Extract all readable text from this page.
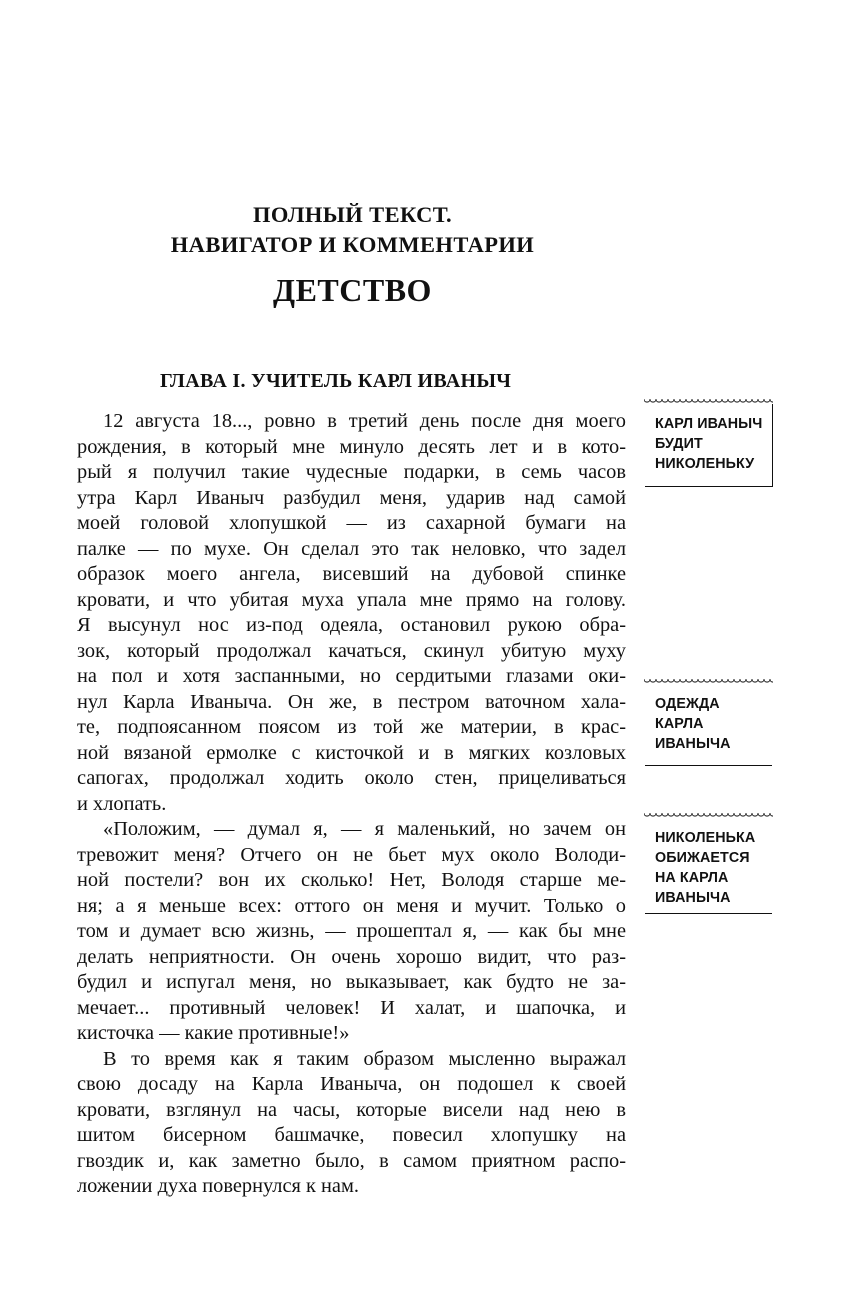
ПОЛНЫЙ ТЕКСТ.
НАВИГАТОР И КОММЕНТАРИИ
ДЕТСТВО
ГЛАВА I. УЧИТЕЛЬ КАРЛ ИВАНЫЧ
12 августа 18..., ровно в третий день после дня моего
рождения, в который мне минуло десять лет и в кото-
рый я получил такие чудесные подарки, в семь часов
утра Карл Иваныч разбудил меня, ударив над самой
моей головой хлопушкой — из сахарной бумаги на
палке — по мухе. Он сделал это так неловко, что задел
образок моего ангела, висевший на дубовой спинке
кровати, и что убитая муха упала мне прямо на голову.
Я высунул нос из-под одеяла, остановил рукою обра-
зок, который продолжал качаться, скинул убитую муху
на пол и хотя заспанными, но сердитыми глазами оки-
нул Карла Иваныча. Он же, в пестром ваточном хала-
те, подпоясанном поясом из той же материи, в крас-
ной вязаной ермолке с кисточкой и в мягких козловых
сапогах, продолжал ходить около стен, прицеливаться
и хлопать.
«Положим, — думал я, — я маленький, но зачем он
тревожит меня? Отчего он не бьет мух около Володи-
ной постели? вон их сколько! Нет, Володя старше ме-
ня; а я меньше всех: оттого он меня и мучит. Только о
том и думает всю жизнь, — прошептал я, — как бы мне
делать неприятности. Он очень хорошо видит, что раз-
будил и испугал меня, но выказывает, как будто не за-
мечает... противный человек! И халат, и шапочка, и
кисточка — какие противные!»
В то время как я таким образом мысленно выражал
свою досаду на Карла Иваныча, он подошел к своей
кровати, взглянул на часы, которые висели над нею в
шитом бисерном башмачке, повесил хлопушку на
гвоздик и, как заметно было, в самом приятном распо-
ложении духа повернулся к нам.
КАРЛ ИВАНЫЧ
БУДИТ
НИКОЛЕНЬКУ
ОДЕЖДА
КАРЛА
ИВАНЫЧА
НИКОЛЕНЬКА
ОБИЖАЕТСЯ
НА КАРЛА
ИВАНЫЧА
